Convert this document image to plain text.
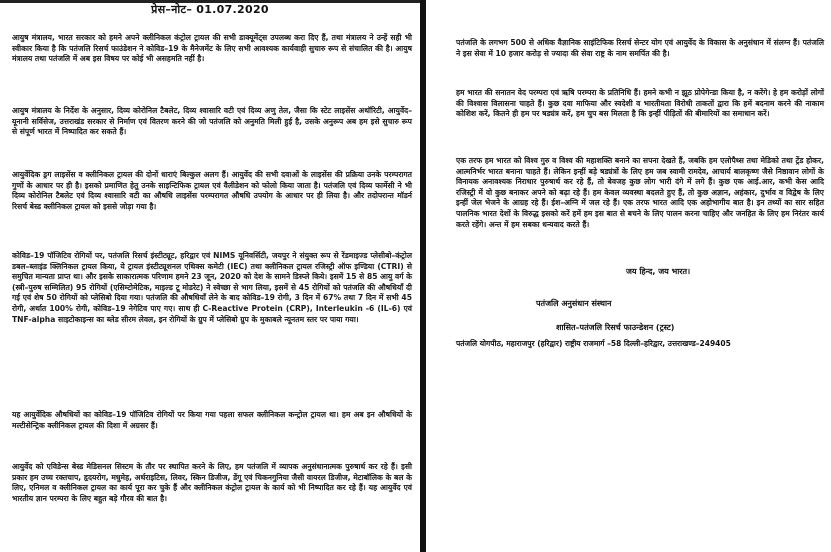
प्रेस–नोट– 01.07.2020

आयुष मंत्रालय, भारत सरकार को हमने अपने क्लीनिकल कंट्रोल ट्रायल की सभी डाक्यूमेंट्स उपलब्ध करा दिए हैं, तथा मंत्रालय ने उन्हें सही भी स्वीकार किया है कि पतंजलि रिसर्च फाउंडेशन ने कोविड–19 के मैनेजमेंट के लिए सभी आवश्यक कार्यवाही सुचारु रूप से संचालित की है। आयुष मंत्रालय तथा पतंजलि में अब इस विषय पर कोई भी असहमति नहीं है।

आयुष मंत्रालय के निर्देश के अनुसार, दिव्य कोरोनिल टैबलेट, दिव्य श्वासारि वटी एवं दिव्य अणु तेल, जैसा कि स्टेट लाइसेंस अथॉरिटी, आयुर्वेद–यूनानी सर्विसेज, उत्तराखंड सरकार से निर्माण एवं वितरण करने की जो पतंजलि को अनुमति मिली हुई है, उसके अनुरूप अब हम इसे सुचारु रूप से संपूर्ण भारत में निष्पादित कर सकते हैं।

आयुर्वेदिक ड्रग लाइसेंस व क्लीनिकल ट्रायल की दोनों धाराएं बिल्कुल अलग हैं। आयुर्वेद की सभी दवाओं के लाइसेंस की प्रक्रिया उनके परम्परागत गुणों के आधार पर ही है। इसको प्रमाणित हेतु उनके साइन्टिफिक ट्रायल एवं वैलीडेशन को फोलो किया जाता है। पतंजलि एवं दिव्य फार्मेसी ने भी दिव्य कोरोनिल टैबलेट एवं दिव्य श्वासारि वटी का औषधि लाइसेंस परम्परागत औषधि उपयोग के आधार पर ही लिया है। और तदोपरान्त मॉडर्न रिसर्च बेस्ड क्लीनिकल ट्रायल को इससे जोड़ा गया है।

कोविड–19 पॉजिटिव रोगियों पर, पतंजलि रिसर्च इंस्टीट्यूट, हरिद्वार एवं NIMS यूनिवर्सिटी, जयपुर ने संयुक्त रूप से रेंडमाइज्ड प्लेसीबो–कंट्रोल डबल–ब्लाइंड क्लिनिकल ट्रायल किया, ये ट्रायल इंस्टीट्यूशनल एथिक्स कमेटी (IEC) तथा क्लीनिकल ट्रायल रजिस्ट्री ऑफ इण्डिया (CTRI) से समुचित मान्यता प्राप्त था। और इसके साकारात्मक परिणाम हमने 23 जून, 2020 को देश के सामने डिस्प्ले किये। इसमें 15 से 85 आयु वर्ग के (स्त्री–पुरुष सम्मिलित) 95 रोगियों (एसिम्टोमेटिक, माइल्ड टू मोडरेट) ने स्वेच्छा से भाग लिया, इसमें से 45 रोगियों को पतंजलि की औषधियाँ दी गई एवं शेष 50 रोगियों को प्लेसिबो दिया गया। पतंजलि की औषधियाँ लेने के बाद कोविड–19 रोगी, 3 दिन में 67% तथा 7 दिन में सभी 45 रोगी, अर्थात 100% रोगी, कोविड–19 नेगेटिव पाए गए। साथ ही C-Reactive Protein (CRP), Interleukin -6 (IL-6) एवं TNF-alpha साइटोकाइन्स का ब्लेड सीरम लेवल, इन रोगियों के ग्रुप में प्लेसिबो ग्रुप के मुकाबले न्यूनतम स्तर पर पाया गया।

यह आयुर्वेदिक औषधियों का कोविड–19 पॉजिटिव रोगियों पर किया गया पहला सफल क्लीनिकल कन्ट्रोल ट्रायल था। हम अब इन औषधियों के मल्टीसेन्ट्रिक क्लीनिकल ट्रायल की दिशा में अग्रसर हैं।

आयुर्वेद को एविडेन्स बेस्ड मेडिसनल सिस्टम के तौर पर स्थापित करने के लिए, हम पतंजलि में व्यापक अनुसंधानात्मक पुरुषार्थ कर रहे हैं। इसी प्रकार हम उच्च रक्तचाप, हृदयरोग, मधुमेह, अर्थराइटिस, लिवर, स्किन डिजीज, डेंगू एवं चिकनगुनिया जैसी वायरल डिजीज, मेटाबॉलिक के बल के लिए, एनिमल व क्लीनिकल ट्रायल का कार्य पूरा कर चुके हैं और क्लीनिकल कंट्रोल ट्रायल के कार्य को भी निष्पादित कर रहे हैं। यह आयुर्वेद एवं भारतीय ज्ञान परम्परा के लिए बहुत बड़े गौरव की बात है।

पतंजलि के लगभग 500 से अधिक वैज्ञानिक साइंटिफिक रिसर्च सेन्टर योग एवं आयुर्वेद के विकास के अनुसंधान में संलग्न हैं। पतंजलि ने इस सेवा में 10 हजार करोड़ से ज्यादा की सेवा राष्ट्र के नाम समर्पित की है।

हम भारत की सनातन वेद परम्परा एवं ऋषि परम्परा के प्रतिनिधि हैं। हमने कभी न झूठ प्रोपेगेन्डा किया है, न करेंगे। हे हम करोड़ों लोगों की विश्वास विलासना चाहते हैं। कुछ दवा माफिया और स्वदेशी व भारतीयता विरोधी ताकतों द्वारा कि हमें बदनाम करने की नाकाम कोशिश करें, कितने ही हम पर षड्यंत्र करें, हम चुप बस मिलता है कि इन्हीं पीड़ितों की बीमारियों का समाधान करें।

एक तरफ हम भारत को विश्व गुरु व विश्व की महाशक्ति बनाने का सपना देखते हैं, जबकि हम एलोपैथ्स तथा मेडिको तथा ट्रेंड होकर, आत्मनिर्भर भारत बनाना चाहते हैं। लेकिन इन्हीं बड़े षड्यंत्रों के लिए हम जब स्वामी रामदेव, आचार्य बालकृष्ण जैसे निष्ठावान लोगों के विनायक अनावश्यक निराधार पुरुषार्थ कर रहे हैं, तो बेवजह कुछ लोग भारी दंगे में लगे हैं। कुछ एक आई.आर, कभी केस आदि रजिस्ट्री में वो कुछ बनाकर अपने को बढ़ा रहे हैं। हम केवल व्यवस्था बदलते हुए हैं, तो कुछ अज्ञान, अहंकार, दुर्भाव व विद्वेष के लिए इन्हीं जेल भेजने के आग्रह रहे हैं। ईश–अग्नि में जल रहे हैं। एक तरफ भारत आदि एक अहोभागीय बात है। इन तथ्यों का सार सहित पालनिक भारत देशों के विरुद्ध इसको करें हमें हम इस बात से बचने के लिए पालन करना चाहिए और जनहित के लिए हम निरंतर कार्य करते रहेंगे। अन्त में हम सबका धन्यवाद करते हैं।

जय हिन्द, जय भारत।
पतंजलि अनुसंधान संस्थान
शासित–पतंजलि रिसर्च फाउन्डेशन (ट्रस्ट)
पतंजलि योगपीठ, महाराजपुर (हरिद्वार) राष्ट्रीय राजमार्ग –58 दिल्ली–हरिद्वार, उत्तराखण्ड–249405
